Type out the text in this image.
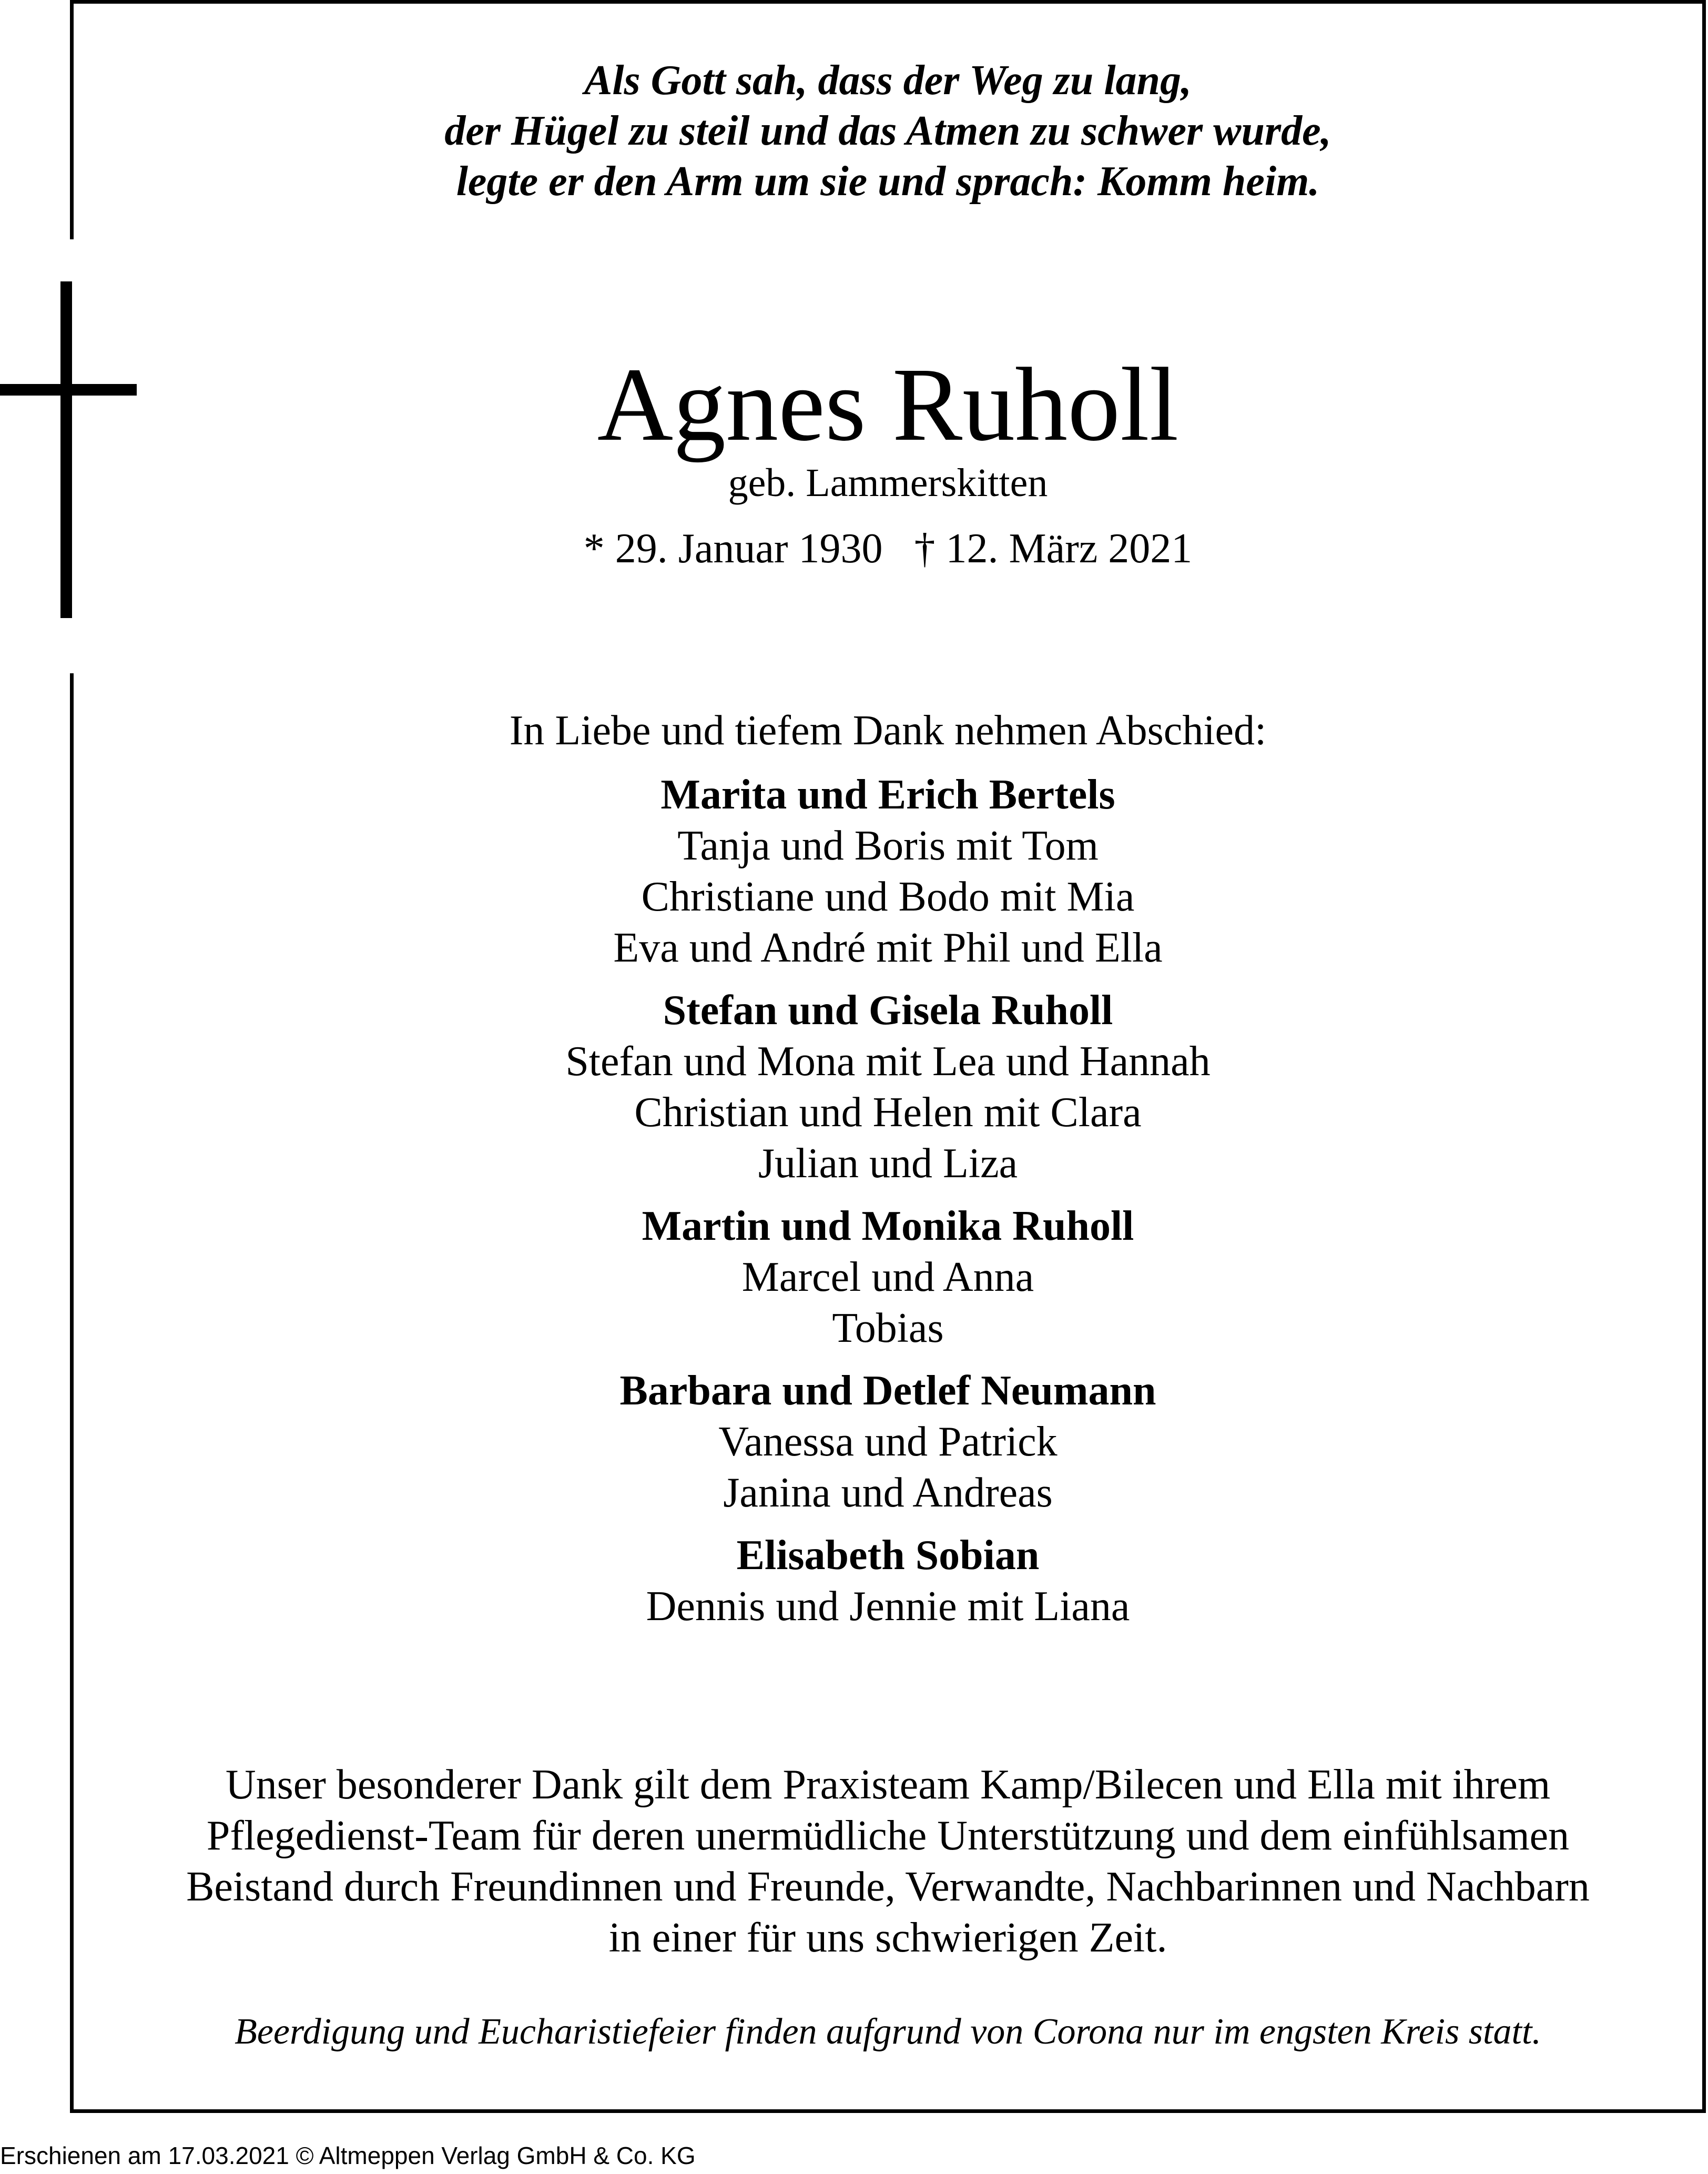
Als Gott sah, dass der Weg zu lang,
der Hügel zu steil und das Atmen zu schwer wurde,
legte er den Arm um sie und sprach: Komm heim.
Agnes Ruholl
geb. Lammerskitten
* 29. Januar 1930 † 12. März 2021
In Liebe und tiefem Dank nehmen Abschied:
Marita und Erich Bertels
Tanja und Boris mit Tom
Christiane und Bodo mit Mia
Eva und André mit Phil und Ella
Stefan und Gisela Ruholl
Stefan und Mona mit Lea und Hannah
Christian und Helen mit Clara
Julian und Liza
Martin und Monika Ruholl
Marcel und Anna
Tobias
Barbara und Detlef Neumann
Vanessa und Patrick
Janina und Andreas
Elisabeth Sobian
Dennis und Jennie mit Liana
Unser besonderer Dank gilt dem Praxisteam Kamp/Bilecen und Ella mit ihrem
Pflegedienst-Team für deren unermüdliche Unterstützung und dem einfühlsamen
Beistand durch Freundinnen und Freunde, Verwandte, Nachbarinnen und Nachbarn
in einer für uns schwierigen Zeit.
Beerdigung und Eucharistiefeier finden aufgrund von Corona nur im engsten Kreis statt.
Erschienen am 17.03.2021 © Altmeppen Verlag GmbH & Co. KG
